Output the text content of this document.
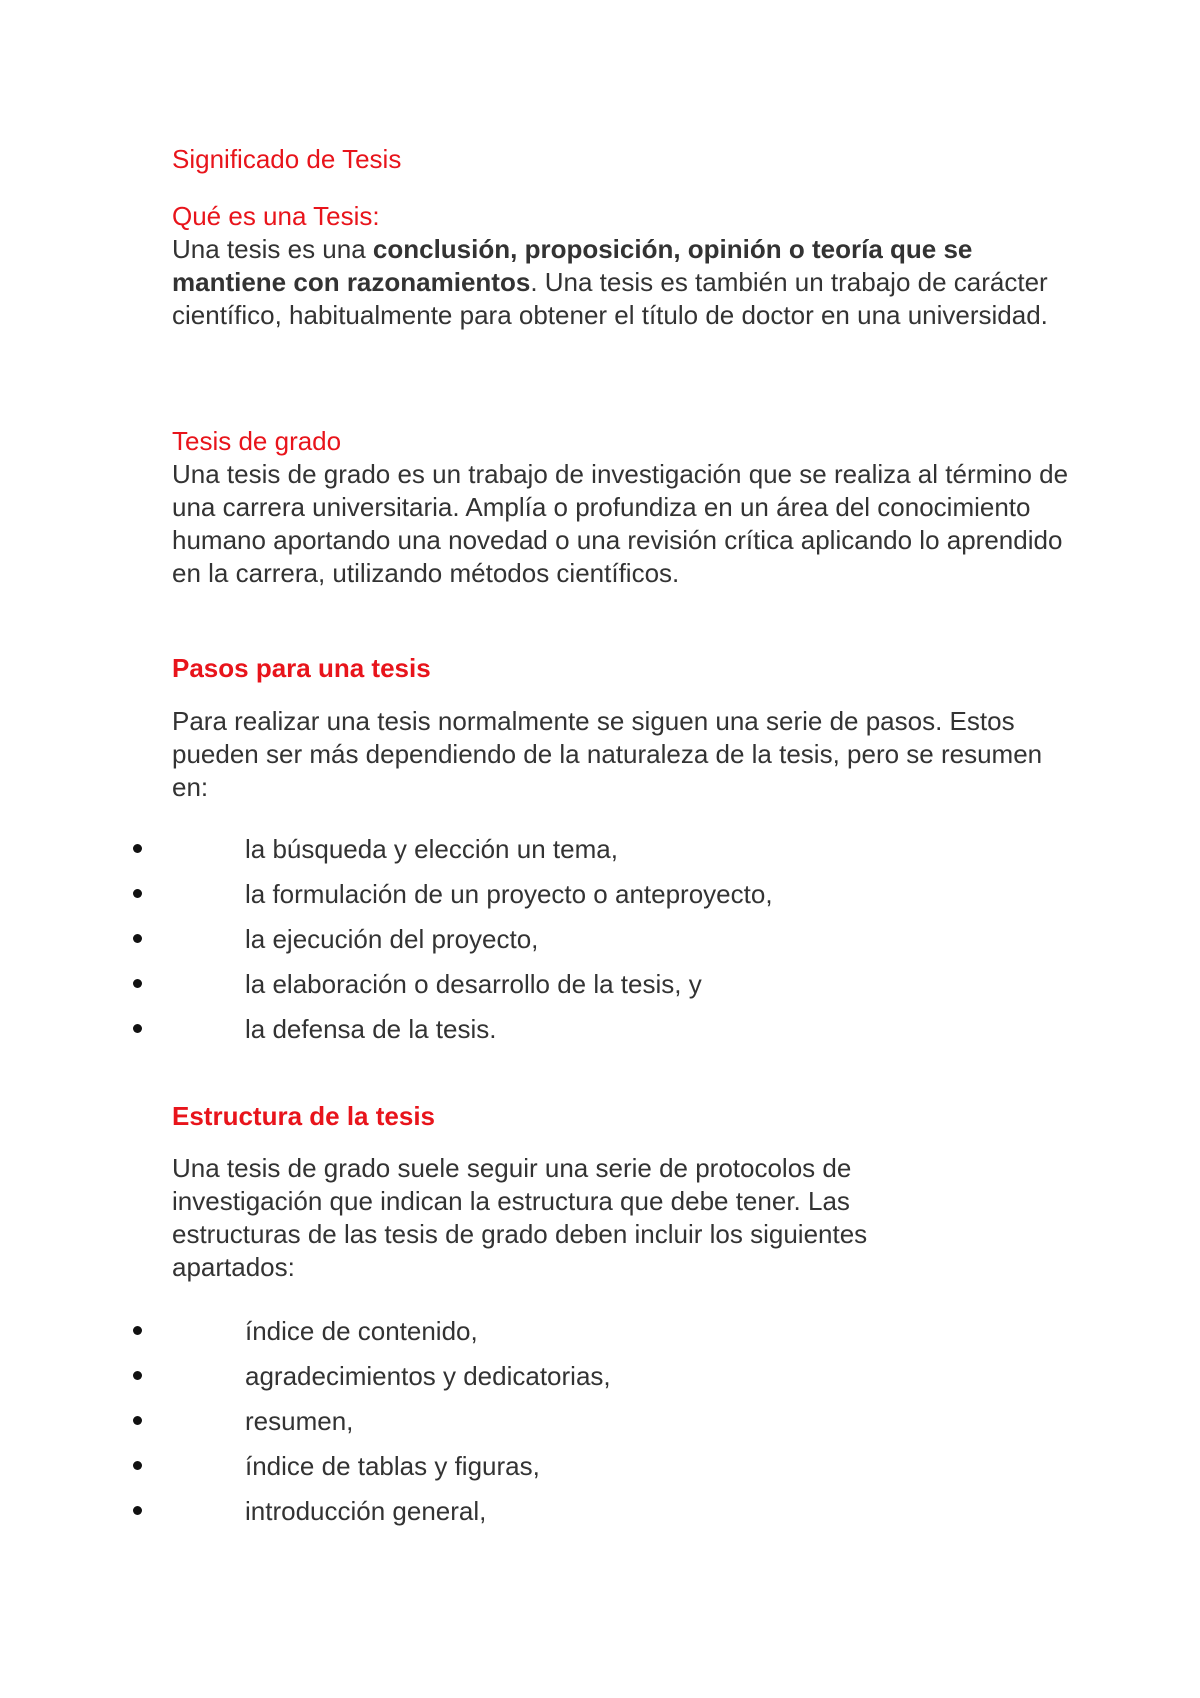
Significado de Tesis
Qué es una Tesis:

Una tesis es una conclusión, proposición, opinión o teoría que se mantiene con razonamientos. Una tesis es también un trabajo de carácter científico, habitualmente para obtener el título de doctor en una universidad.

Tesis de grado

Una tesis de grado es un trabajo de investigación que se realiza al término de una carrera universitaria. Amplía o profundiza en un área del conocimiento humano aportando una novedad o una revisión crítica aplicando lo aprendido en la carrera, utilizando métodos científicos.

Pasos para una tesis

Para realizar una tesis normalmente se siguen una serie de pasos. Estos pueden ser más dependiendo de la naturaleza de la tesis, pero se resumen en:

la búsqueda y elección un tema,
la formulación de un proyecto o anteproyecto,
la ejecución del proyecto,
la elaboración o desarrollo de la tesis, y
la defensa de la tesis.
Estructura de la tesis

Una tesis de grado suele seguir una serie de protocolos de investigación que indican la estructura que debe tener. Las estructuras de las tesis de grado deben incluir los siguientes apartados:

índice de contenido,
agradecimientos y dedicatorias,
resumen,
índice de tablas y figuras,
introducción general,
